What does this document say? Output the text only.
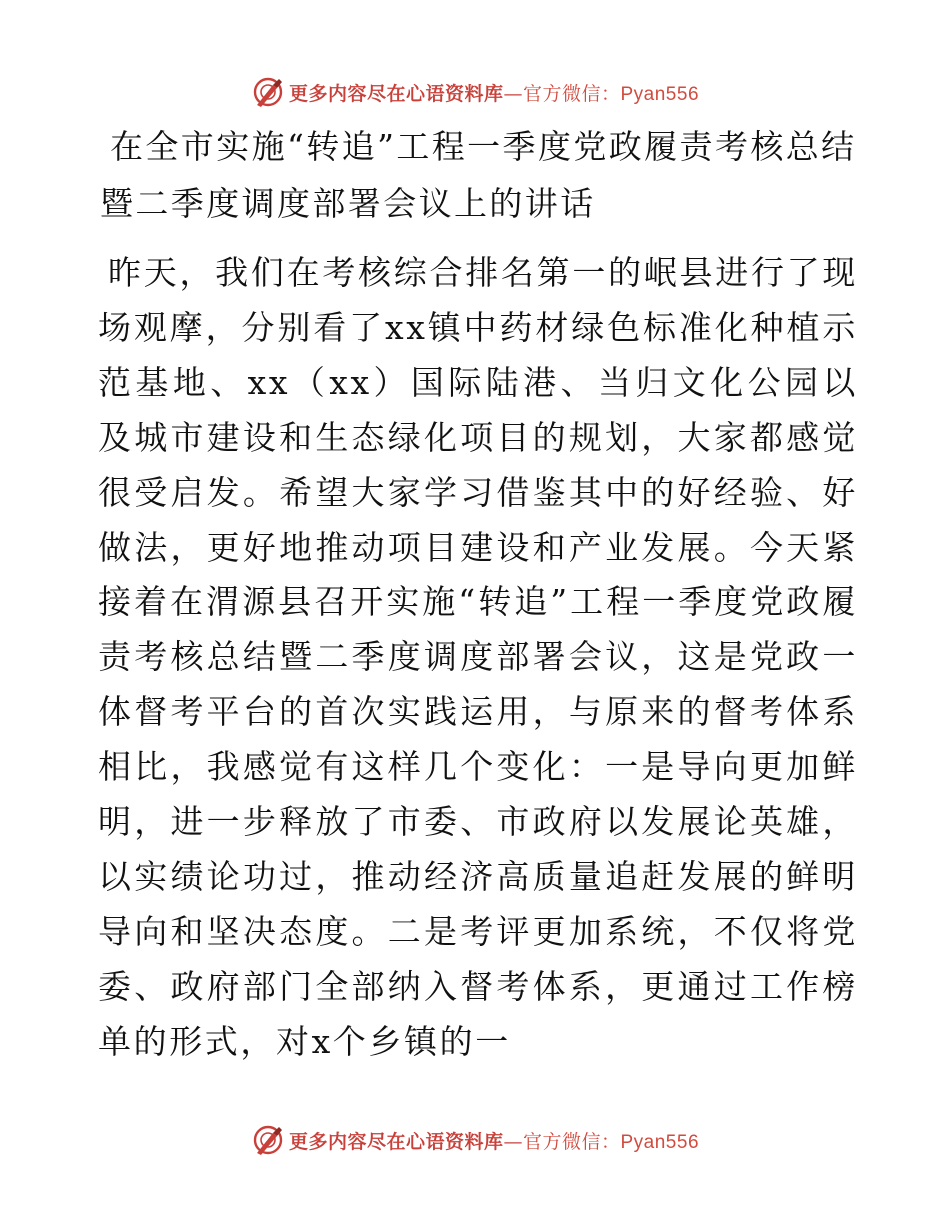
更多内容尽在心语资料库—官方微信：Pyan556
在全市实施“转追”工程一季度党政履责考核总结暨二季度调度部署会议上的讲话

昨天，我们在考核综合排名第一的岷县进行了现场观摩，分别看了xx镇中药材绿色标准化种植示范基地、xx（xx）国际陆港、当归文化公园以及城市建设和生态绿化项目的规划，大家都感觉很受启发。希望大家学习借鉴其中的好经验、好做法，更好地推动项目建设和产业发展。今天紧接着在渭源县召开实施“转追”工程一季度党政履责考核总结暨二季度调度部署会议，这是党政一体督考平台的首次实践运用，与原来的督考体系相比，我感觉有这样几个变化：一是导向更加鲜明，进一步释放了市委、市政府以发展论英雄，以实绩论功过，推动经济高质量追赶发展的鲜明导向和坚决态度。二是考评更加系统，不仅将党委、政府部门全部纳入督考体系，更通过工作榜单的形式，对x个乡镇的一

更多内容尽在心语资料库—官方微信：Pyan556
